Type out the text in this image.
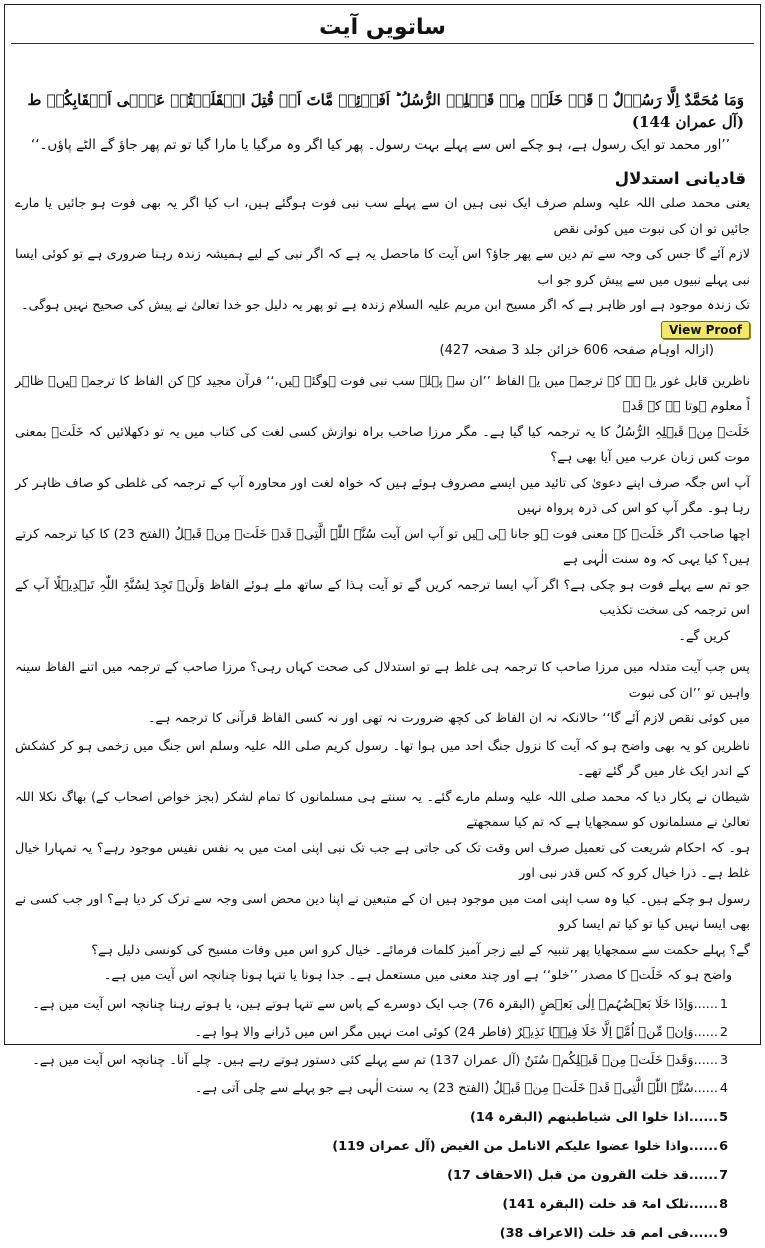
ساتویں آیت
وَمَا مُحَمَّدٌ اِلَّا رَسُوۡلٌ ۚ قَدۡ خَلَتۡ مِنۡ قَبۡلِہِ الرُّسُلُ ؕ اَفَا۠ئِنۡ مَّاتَ اَوۡ قُتِلَ انۡقَلَبۡتُمۡ عَلٰۤی اَعۡقَابِکُمۡ ط (آل عمران 144)
’’اور محمد تو ایک رسول ہے، ہو چکے اس سے پہلے بہت رسول۔ پھر کیا اگر وہ مرگیا یا مارا گیا تو تم پھر جاؤ گے الٹے پاؤں۔‘‘
قادیانی استدلال
یعنی محمد صلی اللہ علیہ وسلم صرف ایک نبی ہیں ان سے پہلے سب نبی فوت ہوگئے ہیں، اب کیا اگر یہ بھی فوت ہو جائیں یا مارے جائیں تو ان کی نبوت میں کوئی نقص
لازم آئے گا جس کی وجہ سے تم دین سے پھر جاؤ؟ اس آیت کا ماحصل یہ ہے کہ اگر نبی کے لیے ہمیشہ زندہ رہنا ضروری ہے تو کوئی ایسا نبی پہلے نبیوں میں سے پیش کرو جو اب
تک زندہ موجود ہے اور ظاہر ہے کہ اگر مسیح ابن مریم علیہ السلام زندہ ہے تو پھر یہ دلیل جو خدا تعالیٰ نے پیش کی صحیح نہیں ہوگی۔
View Proof
(ازالہ اوہام صفحہ 606 خزائن جلد 3 صفحہ 427)
ناظرین قابل غور یہ ہے کہ ترجمہ میں یہ الفاظ ’’ان سے پہلے سب نبی فوت ہوگئے ہیں،‘‘ قرآن مجید کے کن الفاظ کا ترجمہ ہیں۔ ظاہر اً معلوم ہوتا ہے کہ قَدۡ
خَلَتۡ مِنۡ قَبۡلِہِ الرُّسُلُ کا یہ ترجمہ کیا گیا ہے۔ مگر مرزا صاحب براہ نوازش کسی لغت کی کتاب میں یہ تو دکھلائیں کہ خَلَتۡ بمعنی موت کس زبان عرب میں آیا بھی ہے؟
آپ اس جگہ صرف اپنے دعویٰ کی تائید میں ایسے مصروف ہوئے ہیں کہ خواہ لغت اور محاورہ آپ کے ترجمہ کی غلطی کو صاف ظاہر کر رہا ہو۔ مگر آپ کو اس کی ذرہ پرواہ نہیں
اچھا صاحب اگر خَلَتۡ کے معنی فوت ہو جانا ہی ہیں تو آپ اس آیت سُنَّۃَ اللّٰہِ الَّتِیۡ قَدۡ خَلَتۡ مِنۡ قَبۡلُ (الفتح 23) کا کیا ترجمہ کرتے ہیں؟ کیا یہی کہ وہ سنت الٰہی ہے
جو تم سے پہلے فوت ہو چکی ہے؟ اگر آپ ایسا ترجمہ کریں گے تو آیت ہذا کے ساتھ ملے ہوئے الفاظ وَلَنۡ تَجِدَ لِسُنَّۃِ اللّٰہِ تَبۡدِیۡلًا آپ کے اس ترجمہ کی سخت تکذیب
کریں گے۔
پس جب آیت متدلہ میں مرزا صاحب کا ترجمہ ہی غلط ہے تو استدلال کی صحت کہاں رہی؟ مرزا صاحب کے ترجمہ میں اتنے الفاظ سینہ واہیں تو ’’ان کی نبوت
میں کوئی نقص لازم آئے گا‘‘ حالانکہ نہ ان الفاظ کی کچھ ضرورت نہ تھی اور نہ کسی الفاظ قرآنی کا ترجمہ ہے۔
ناظرین کو یہ بھی واضح ہو کہ آیت کا نزول جنگ احد میں ہوا تھا۔ رسول کریم صلی اللہ علیہ وسلم اس جنگ میں زخمی ہو کر کشکش کے اندر ایک غار میں گر گئے تھے۔
شیطان نے پکار دیا کہ محمد صلی اللہ علیہ وسلم مارے گئے۔ یہ سنتے ہی مسلمانوں کا تمام لشکر (بجز خواص اصحاب کے) بھاگ نکلا اللہ تعالیٰ نے مسلمانوں کو سمجھایا ہے کہ تم کیا سمجھتے
ہو۔ کہ احکام شریعت کی تعمیل صرف اس وقت تک کی جاتی ہے جب تک نبی اپنی امت میں بہ نفس نفیس موجود رہے؟ یہ تمہارا خیال غلط ہے۔ ذرا خیال کرو کہ کس قدر نبی اور
رسول ہو چکے ہیں۔ کیا وہ سب اپنی امت میں موجود ہیں ان کے متبعین نے اپنا دین محض اسی وجہ سے ترک کر دیا ہے؟ اور جب کسی نے بھی ایسا نہیں کیا تو کیا تم ایسا کرو
گے؟ پہلے حکمت سے سمجھایا پھر تنبیہ کے لیے زجر آمیز کلمات فرمائے۔ خیال کرو اس میں وفات مسیح کی کونسی دلیل ہے؟
واضح ہو کہ خَلَتۡ کا مصدر ’’خلو‘‘ ہے اور چند معنی میں مستعمل ہے۔ جدا ہونا یا تنہا ہونا چنانچہ اس آیت میں ہے۔
1......وَاِذَا خَلَا بَعۡضُہُمۡ اِلٰی بَعۡضٍ (البقرہ 76) جب ایک دوسرے کے پاس سے تنہا ہوتے ہیں، یا ہوتے رہنا چنانچہ اس آیت میں ہے۔
2......وَاِنۡ مِّنۡ اُمَّۃٍ اِلَّا خَلَا فِیۡہَا نَذِیۡرٌ (فاطر 24) کوئی امت نہیں مگر اس میں ڈرانے والا ہوا ہے۔
3......وَقَدۡ خَلَتۡ مِنۡ قَبۡلِکُمۡ سُنَنٌ (آل عمران 137) تم سے پہلے کئی دستور ہوتے رہے ہیں۔ چلے آنا۔ چنانچہ اس آیت میں ہے۔
4......سُنَّۃَ اللّٰہِ الَّتِیۡ قَدۡ خَلَتۡ مِنۡ قَبۡلُ (الفتح 23) یہ سنت الٰہی ہے جو پہلے سے چلی آتی ہے۔
5......اذا خلوا الی شیاطینھم (البقرہ 14)
6......واذا خلوا عضوا علیکم الانامل من الغیض (آل عمران 119)
7......قد خلت القرون من قبل (الاحقاف 17)
8......تلک امۃ قد خلت (البقرہ 141)
9......فی امم قد خلت (الاعراف 38)
